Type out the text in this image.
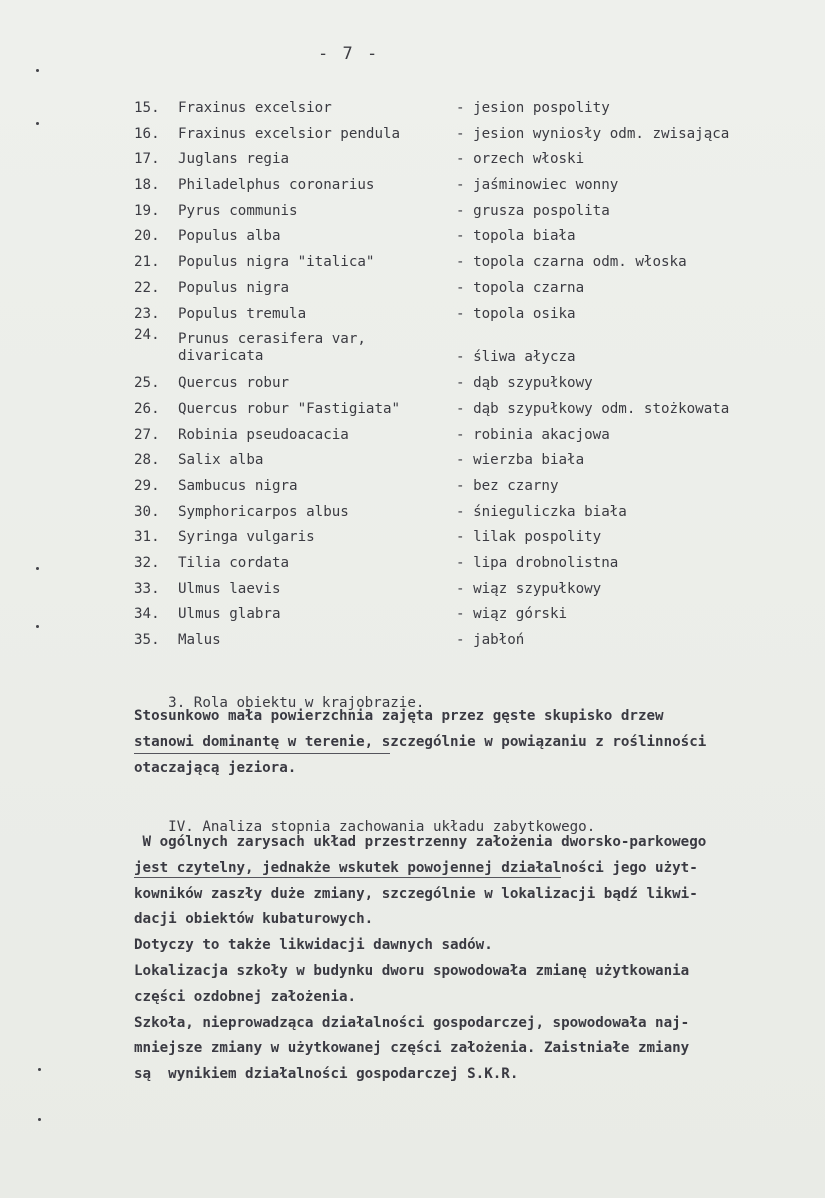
- 7 -
15.	Fraxinus excelsior	- jesion pospolity
16.	Fraxinus excelsior pendula	- jesion wyniosły odm. zwisająca
17.	Juglans regia	- orzech włoski
18.	Philadelphus coronarius	- jaśminowiec wonny
19.	Pyrus communis	- grusza pospolita
20.	Populus alba	- topola biała
21.	Populus nigra "italica"	- topola czarna odm. włoska
22.	Populus nigra	- topola czarna
23.	Populus tremula	- topola osika
24.	Prunus cerasifera var,
divaricata	- śliwa ałycza
25.	Quercus robur	- dąb szypułkowy
26.	Quercus robur "Fastigiata"	- dąb szypułkowy odm. stożkowata
27.	Robinia pseudoacacia	- robinia akacjowa
28.	Salix alba	- wierzba biała
29.	Sambucus nigra	- bez czarny
30.	Symphoricarpos albus	- śnieguliczka biała
31.	Syringa vulgaris	- lilak pospolity
32.	Tilia cordata	- lipa drobnolistna
33.	Ulmus laevis	- wiąz szypułkowy
34.	Ulmus glabra	- wiąz górski
35.	Malus	- jabłoń

3. Rola obiektu w krajobrazie.

Stosunkowo mała powierzchnia zajęta przez gęste skupisko drzew
stanowi dominantę w terenie, szczególnie w powiązaniu z roślinności
otaczającą jeziora.

IV. Analiza stopnia zachowania układu zabytkowego.

W ogólnych zarysach układ przestrzenny założenia dworsko-parkowego
jest czytelny, jednakże wskutek powojennej działalności jego użyt-
kowników zaszły duże zmiany, szczególnie w lokalizacji bądź likwi-
dacji obiektów kubaturowych.
Dotyczy to także likwidacji dawnych sadów.
Lokalizacja szkoły w budynku dworu spowodowała zmianę użytkowania
części ozdobnej założenia.
Szkoła, nieprowadząca działalności gospodarczej, spowodowała naj-
mniejsze zmiany w użytkowanej części założenia. Zaistniałe zmiany
są  wynikiem działalności gospodarczej S.K.R.
